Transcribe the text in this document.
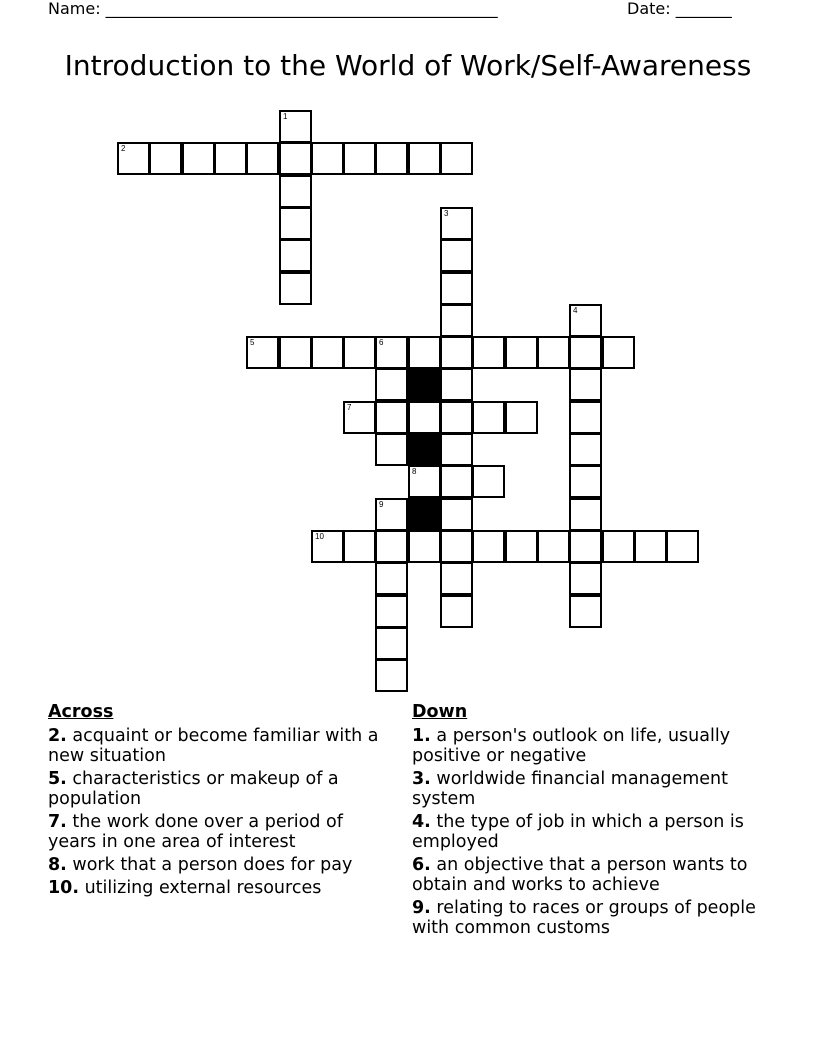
Name: _________________________________________________	Date: _______
Introduction to the World of Work/Self-Awareness
1
2
3
4
5	6
7
8
9
10
Across
2. acquaint or become familiar with a new situation
5. characteristics or makeup of a population
7. the work done over a period of years in one area of interest
8. work that a person does for pay
10. utilizing external resources
Down
1. a person's outlook on life, usually positive or negative
3. worldwide financial management system
4. the type of job in which a person is employed
6. an objective that a person wants to obtain and works to achieve
9. relating to races or groups of people with common customs
